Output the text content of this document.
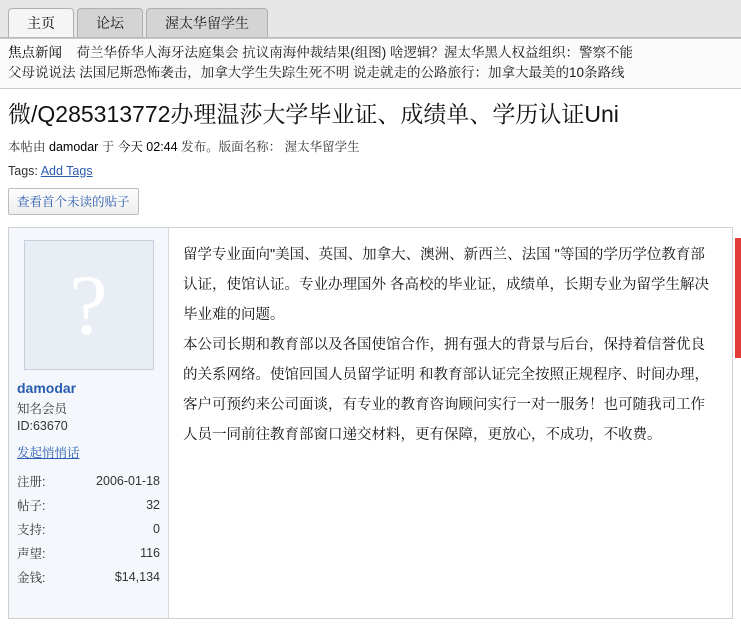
主页	论坛	渥太华留学生
焦点新闻 荷兰华侨华人海牙法庭集会 抗议南海仲裁结果(组图) 啥逻辑？渥太华黑人权益组织：警察不能
父母说说法 法国尼斯恐怖袭击，加拿大学生失踪生死不明 说走就走的公路旅行：加拿大最美的10条路线
微/Q285313772办理温莎大学毕业证、成绩单、学历认证Uni
本帖由 damodar 于 今天 02:44 发布。版面名称： 渥太华留学生
Tags: Add Tags
查看首个未读的贴子
?
damodar
知名会员
ID:63670
发起悄悄话
注册:	2006-01-18
帖子:	32
支持:	0
声望:	116
金钱:	$14,134

留学专业面向"美国、英国、加拿大、澳洲、新西兰、法国 "等国的学历学位教育部认证，使馆认证。专业办理国外 各高校的毕业证，成绩单，长期专业为留学生解决毕业难的问题。

本公司长期和教育部以及各国使馆合作，拥有强大的背景与后台，保持着信誉优良的关系网络。使馆回国人员留学证明 和教育部认证完全按照正规程序、时间办理，客户可预约来公司面谈，有专业的教育咨询顾问实行一对一服务！也可随我司工作人员一同前往教育部窗口递交材料，更有保障，更放心，不成功，不收费。
